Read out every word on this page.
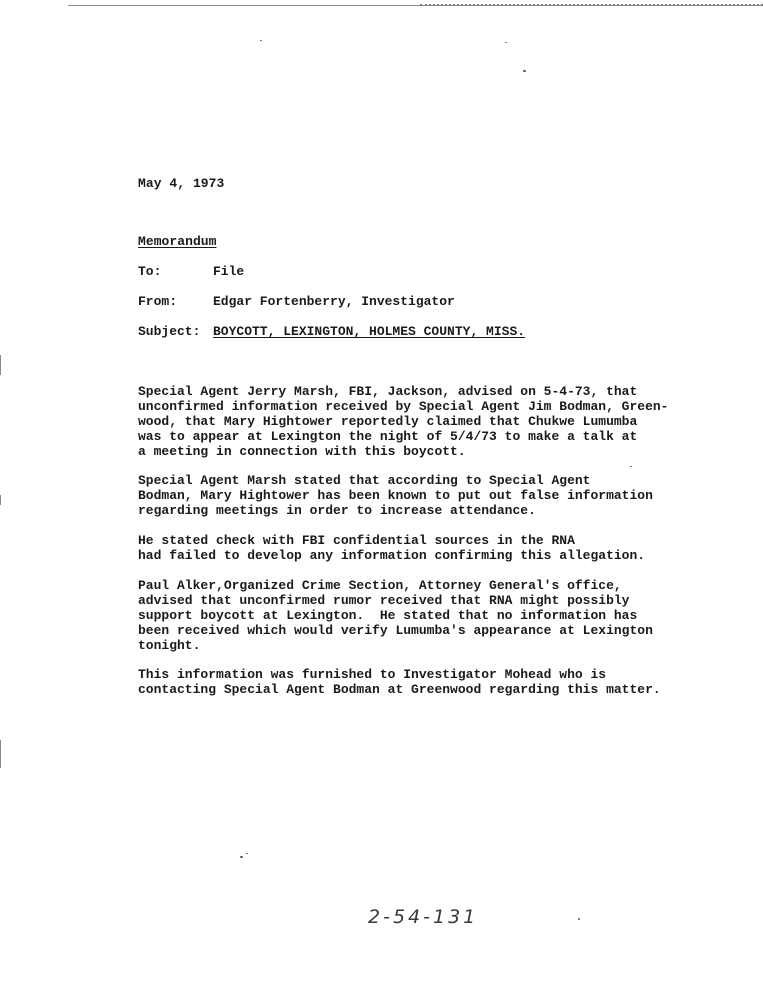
May 4, 1973
Memorandum
To:	File
From:	Edgar Fortenberry, Investigator
Subject: BOYCOTT, LEXINGTON, HOLMES COUNTY, MISS.
Special Agent Jerry Marsh, FBI, Jackson, advised on 5-4-73, that
unconfirmed information received by Special Agent Jim Bodman, Green-
wood, that Mary Hightower reportedly claimed that Chukwe Lumumba
was to appear at Lexington the night of 5/4/73 to make a talk at
a meeting in connection with this boycott.
Special Agent Marsh stated that according to Special Agent
Bodman, Mary Hightower has been known to put out false information
regarding meetings in order to increase attendance.
He stated check with FBI confidential sources in the RNA
had failed to develop any information confirming this allegation.
Paul Alker,Organized Crime Section, Attorney General's office,
advised that unconfirmed rumor received that RNA might possibly
support boycott at Lexington.  He stated that no information has
been received which would verify Lumumba's appearance at Lexington
tonight.
This information was furnished to Investigator Mohead who is
contacting Special Agent Bodman at Greenwood regarding this matter.
2-54-131
